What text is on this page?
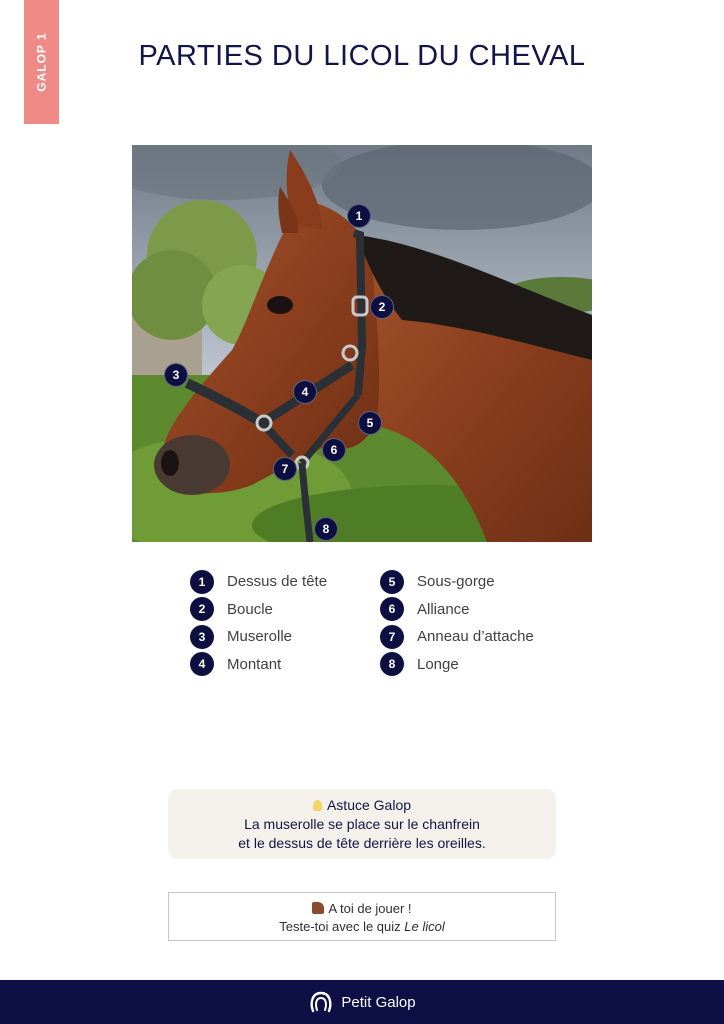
GALOP 1	PARTIES DU LICOL DU CHEVAL
1
2
3
4
5
6
7
8
1	Dessus de tête
2	Boucle
3	Muserolle
4	Montant
5	Sous-gorge
6	Alliance
7	Anneau d’attache
8	Longe
Astuce Galop
La muserolle se place sur le chanfrein
et le dessus de tête derrière les oreilles.
A toi de jouer !
Teste-toi avec le quiz Le licol
Petit Galop
